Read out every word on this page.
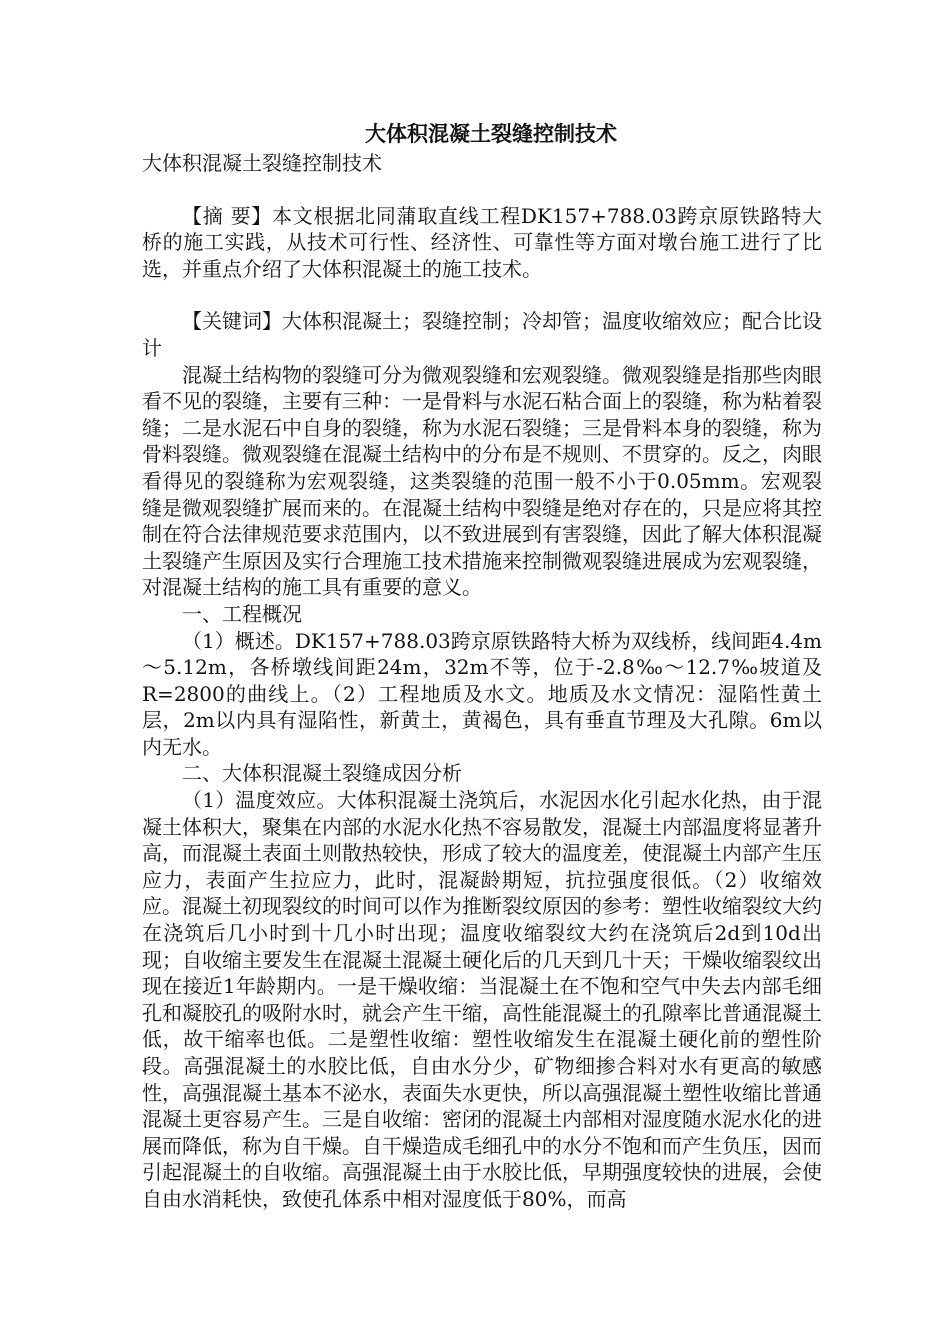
大体积混凝土裂缝控制技术

大体积混凝土裂缝控制技术

【摘 要】本文根据北同蒲取直线工程DK157+788.03跨京原铁路特大桥的施工实践，从技术可行性、经济性、可靠性等方面对墩台施工进行了比选，并重点介绍了大体积混凝土的施工技术。

【关键词】大体积混凝土；裂缝控制；冷却管；温度收缩效应；配合比设计

混凝土结构物的裂缝可分为微观裂缝和宏观裂缝。微观裂缝是指那些肉眼看不见的裂缝，主要有三种：一是骨料与水泥石粘合面上的裂缝，称为粘着裂缝；二是水泥石中自身的裂缝，称为水泥石裂缝；三是骨料本身的裂缝，称为骨料裂缝。微观裂缝在混凝土结构中的分布是不规则、不贯穿的。反之，肉眼看得见的裂缝称为宏观裂缝，这类裂缝的范围一般不小于0.05mm。宏观裂缝是微观裂缝扩展而来的。在混凝土结构中裂缝是绝对存在的，只是应将其控制在符合法律规范要求范围内，以不致进展到有害裂缝，因此了解大体积混凝土裂缝产生原因及实行合理施工技术措施来控制微观裂缝进展成为宏观裂缝，对混凝土结构的施工具有重要的意义。

一、工程概况

（1）概述。DK157+788.03跨京原铁路特大桥为双线桥，线间距4.4m～5.12m，各桥墩线间距24m，32m不等，位于-2.8‰～12.7‰坡道及R=2800的曲线上。（2）工程地质及水文。地质及水文情况：湿陷性黄土层，2m以内具有湿陷性，新黄土，黄褐色，具有垂直节理及大孔隙。6m以内无水。

二、大体积混凝土裂缝成因分析

（1）温度效应。大体积混凝土浇筑后，水泥因水化引起水化热，由于混凝土体积大，聚集在内部的水泥水化热不容易散发，混凝土内部温度将显著升高，而混凝土表面土则散热较快，形成了较大的温度差，使混凝土内部产生压应力，表面产生拉应力，此时，混凝龄期短，抗拉强度很低。（2）收缩效应。混凝土初现裂纹的时间可以作为推断裂纹原因的参考：塑性收缩裂纹大约在浇筑后几小时到十几小时出现；温度收缩裂纹大约在浇筑后2d到10d出现；自收缩主要发生在混凝土混凝土硬化后的几天到几十天；干燥收缩裂纹出现在接近1年龄期内。一是干燥收缩：当混凝土在不饱和空气中失去内部毛细孔和凝胶孔的吸附水时，就会产生干缩，高性能混凝土的孔隙率比普通混凝土低，故干缩率也低。二是塑性收缩：塑性收缩发生在混凝土硬化前的塑性阶段。高强混凝土的水胶比低，自由水分少，矿物细掺合料对水有更高的敏感性，高强混凝土基本不泌水，表面失水更快，所以高强混凝土塑性收缩比普通混凝土更容易产生。三是自收缩：密闭的混凝土内部相对湿度随水泥水化的进展而降低，称为自干燥。自干燥造成毛细孔中的水分不饱和而产生负压，因而引起混凝土的自收缩。高强混凝土由于水胶比低，早期强度较快的进展，会使自由水消耗快，致使孔体系中相对湿度低于80%，而高
